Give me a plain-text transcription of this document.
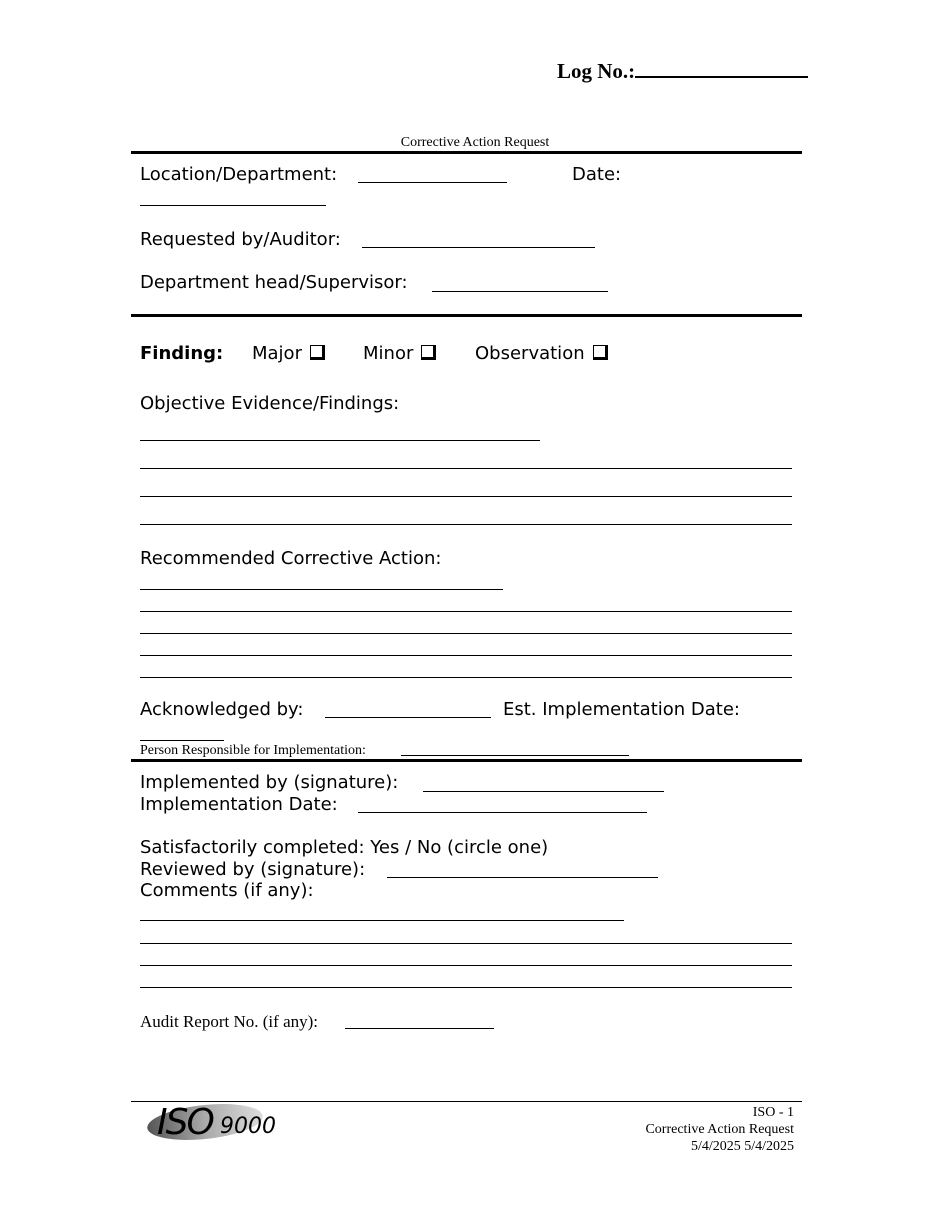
Log No.:
Corrective Action Request
Location/Department:	Date:
Requested by/Auditor:
Department head/Supervisor:
Finding: Major	Minor	Observation
Objective Evidence/Findings:
Recommended Corrective Action:
Acknowledged by:	Est. Implementation Date:
Person Responsible for Implementation:
Implemented by (signature):
Implementation Date:
Satisfactorily completed: Yes / No (circle one)
Reviewed by (signature):
Comments (if any):
Audit Report No. (if any):
ISO 9000
ISO - 1
Corrective Action Request
5/4/2025 5/4/2025
